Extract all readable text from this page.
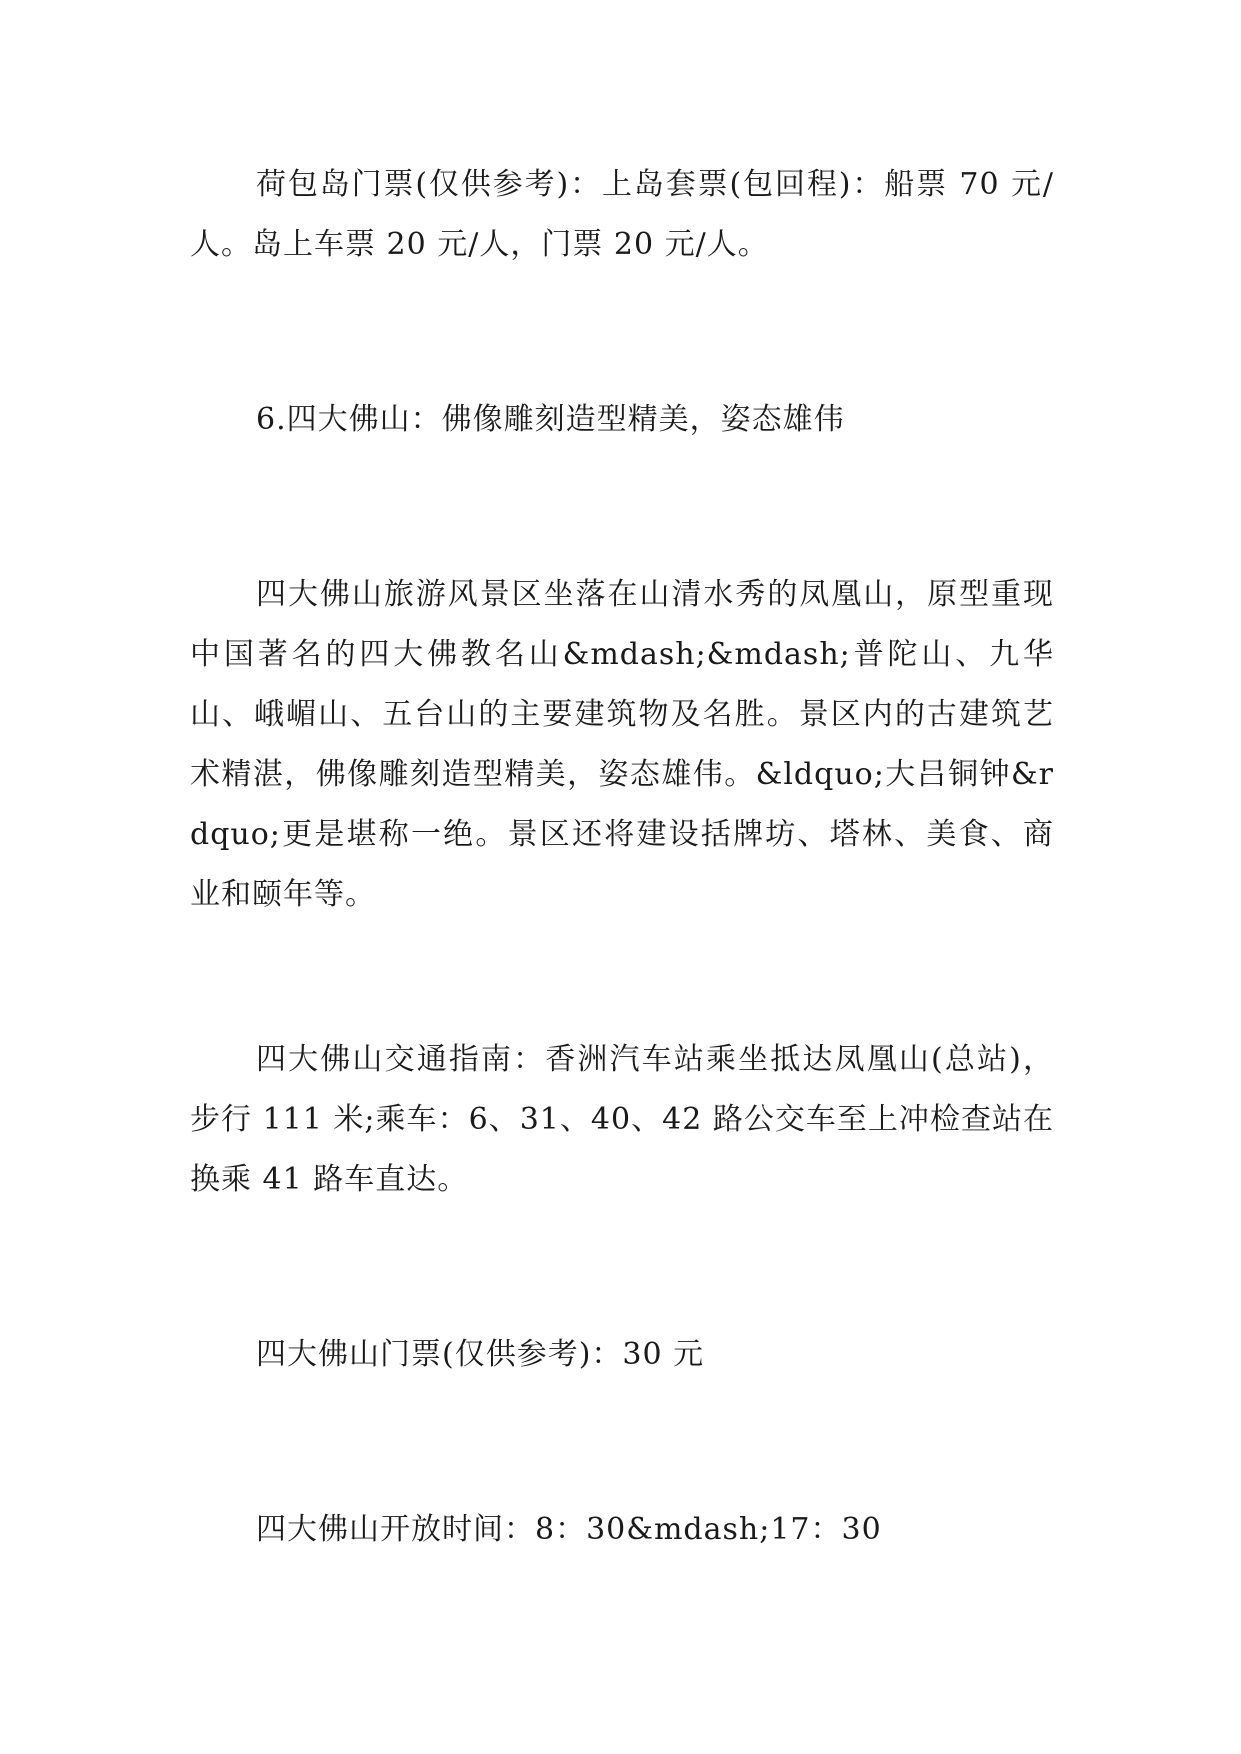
荷包岛门票(仅供参考)：上岛套票(包回程)：船票 70 元/人。岛上车票 20 元/人，门票 20 元/人。

6.四大佛山：佛像雕刻造型精美，姿态雄伟

四大佛山旅游风景区坐落在山清水秀的凤凰山，原型重现中国著名的四大佛教名山&mdash;&mdash;普陀山、九华山、峨嵋山、五台山的主要建筑物及名胜。景区内的古建筑艺术精湛，佛像雕刻造型精美，姿态雄伟。&ldquo;大吕铜钟&rdquo;更是堪称一绝。景区还将建设括牌坊、塔林、美食、商业和颐年等。

四大佛山交通指南：香洲汽车站乘坐抵达凤凰山(总站)，步行 111 米;乘车：6、31、40、42 路公交车至上冲检查站在换乘 41 路车直达。

四大佛山门票(仅供参考)：30 元

四大佛山开放时间：8：30&mdash;17：30
